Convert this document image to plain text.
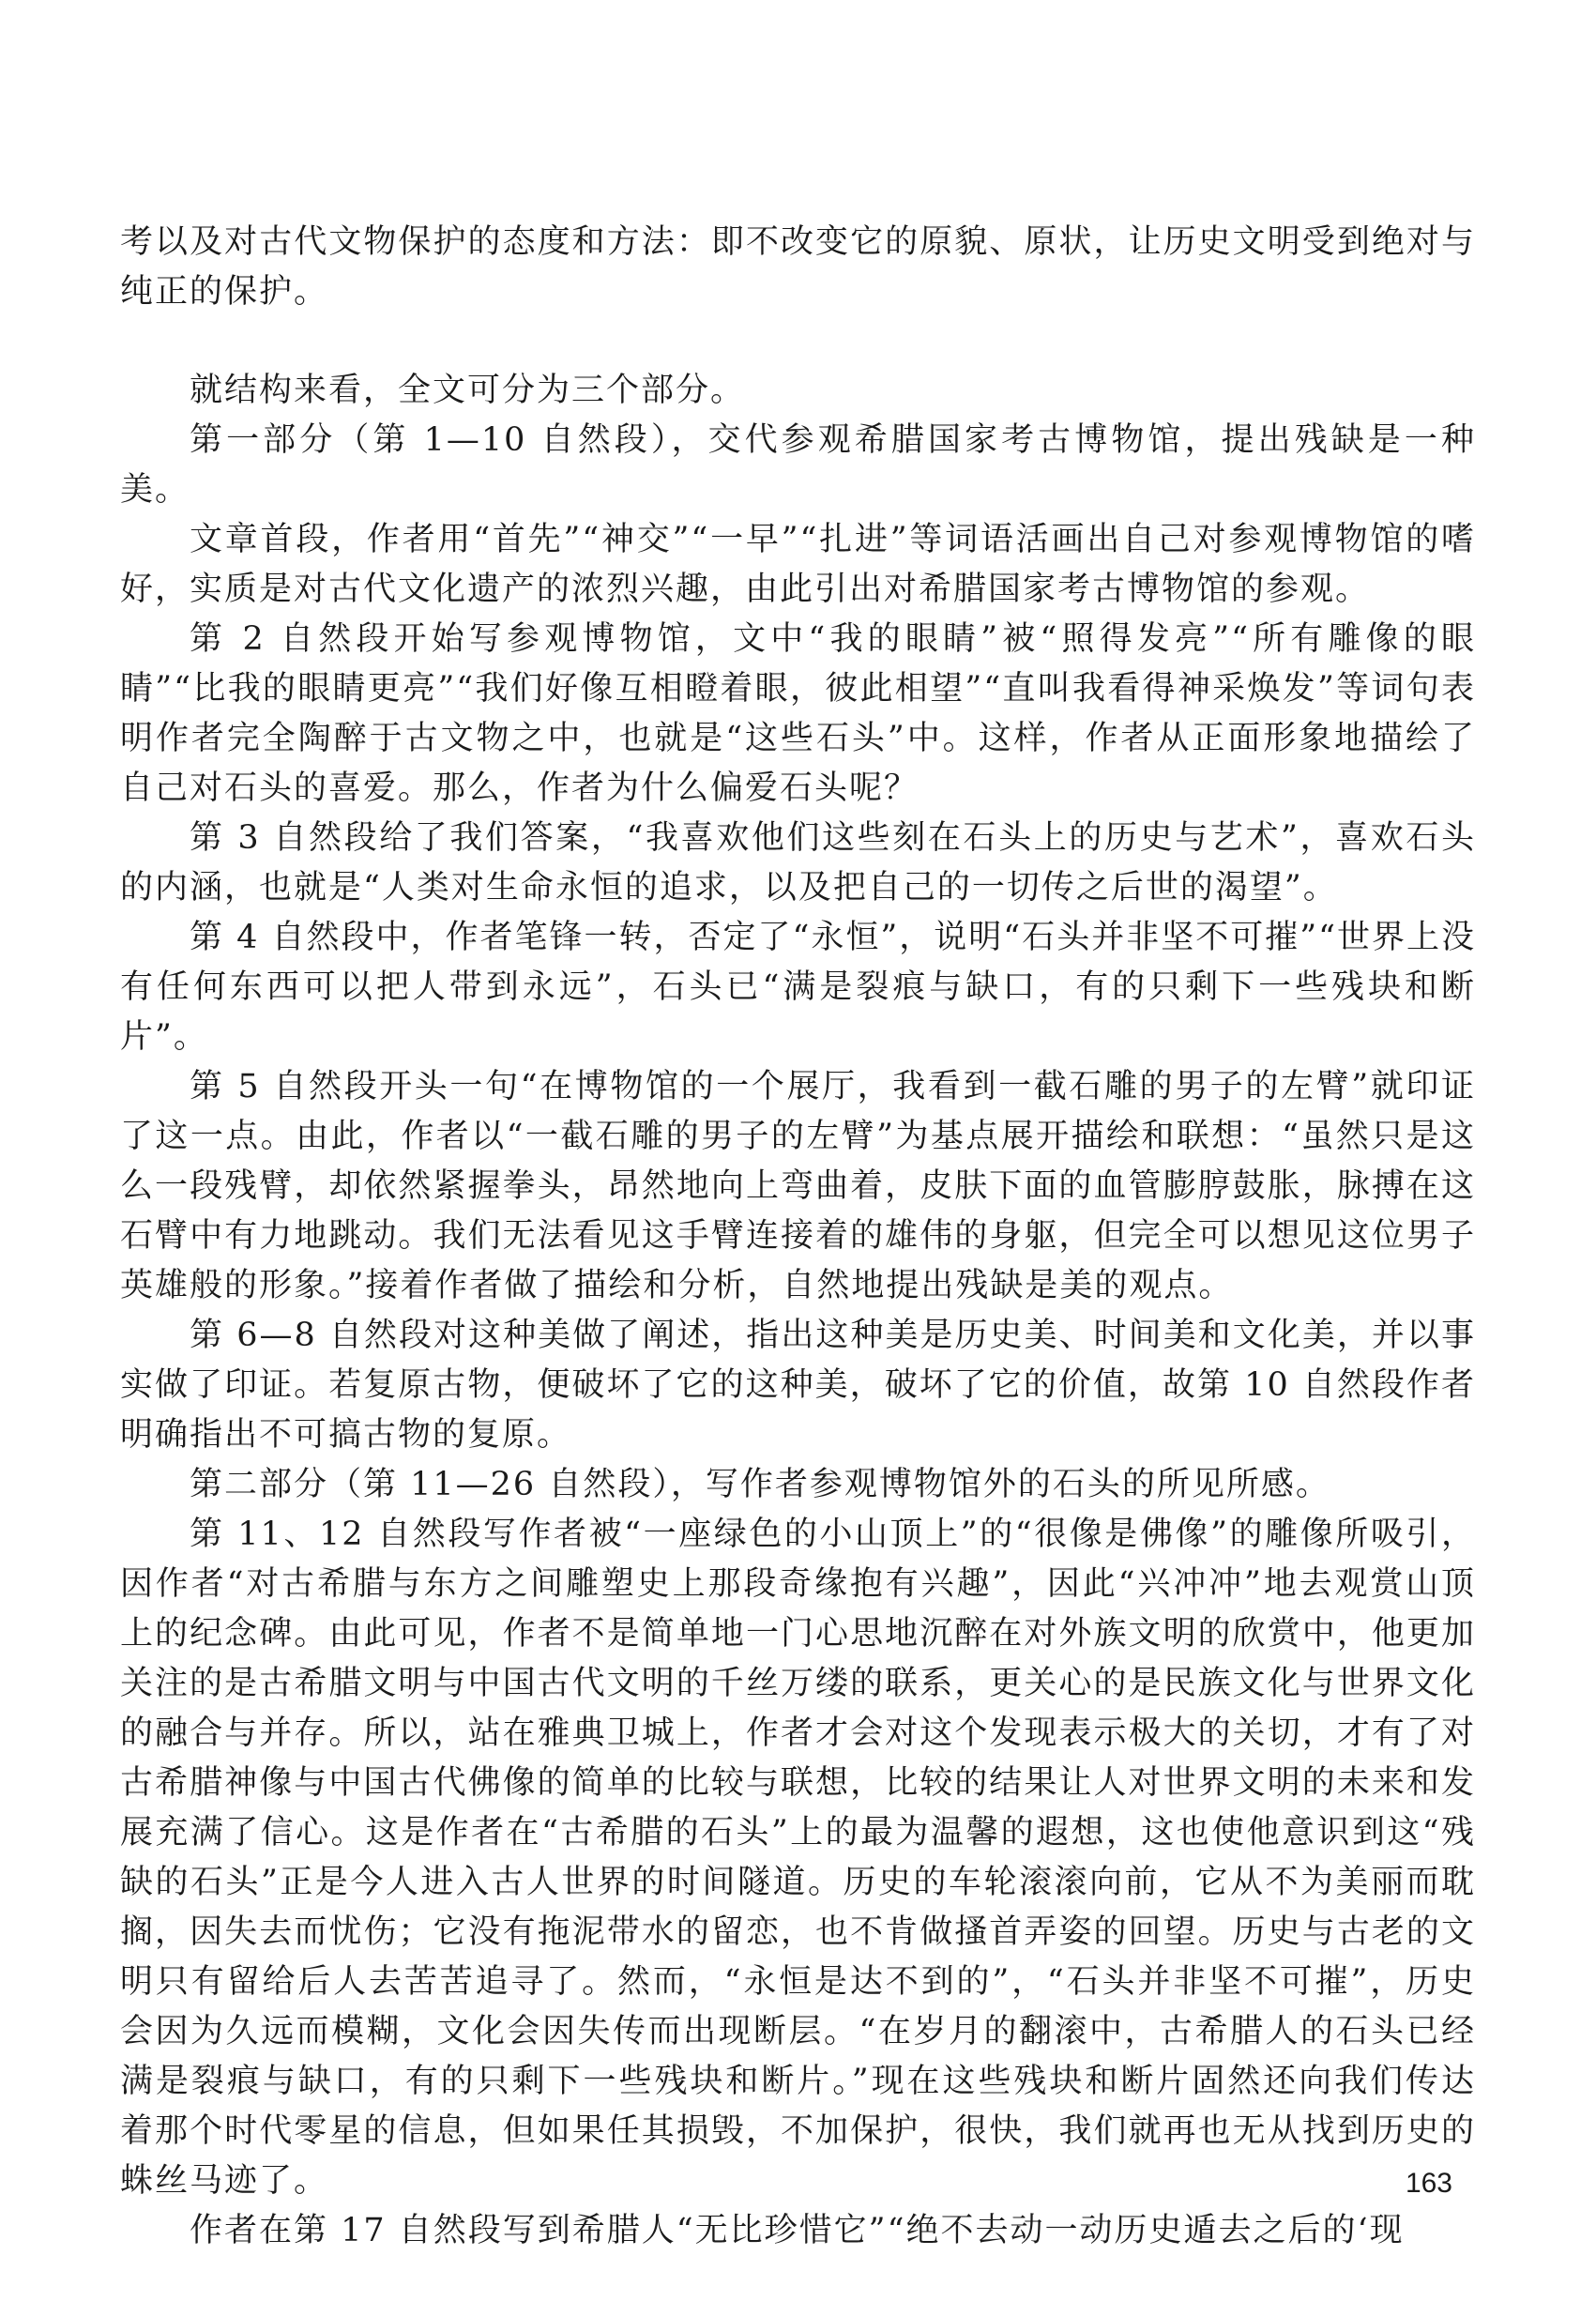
考以及对古代文物保护的态度和方法：即不改变它的原貌、原状，让历史文明受到绝对与纯正的保护。

就结构来看，全文可分为三个部分。

第一部分（第 1—10 自然段），交代参观希腊国家考古博物馆，提出残缺是一种美。

文章首段，作者用“首先”“神交”“一早”“扎进”等词语活画出自己对参观博物馆的嗜好，实质是对古代文化遗产的浓烈兴趣，由此引出对希腊国家考古博物馆的参观。

第 2 自然段开始写参观博物馆，文中“我的眼睛”被“照得发亮”“所有雕像的眼睛”“比我的眼睛更亮”“我们好像互相瞪着眼，彼此相望”“直叫我看得神采焕发”等词句表明作者完全陶醉于古文物之中，也就是“这些石头”中。这样，作者从正面形象地描绘了自己对石头的喜爱。那么，作者为什么偏爱石头呢？

第 3 自然段给了我们答案，“我喜欢他们这些刻在石头上的历史与艺术”，喜欢石头的内涵，也就是“人类对生命永恒的追求，以及把自己的一切传之后世的渴望”。

第 4 自然段中，作者笔锋一转，否定了“永恒”，说明“石头并非坚不可摧”“世界上没有任何东西可以把人带到永远”，石头已“满是裂痕与缺口，有的只剩下一些残块和断片”。

第 5 自然段开头一句“在博物馆的一个展厅，我看到一截石雕的男子的左臂”就印证了这一点。由此，作者以“一截石雕的男子的左臂”为基点展开描绘和联想：“虽然只是这么一段残臂，却依然紧握拳头，昂然地向上弯曲着，皮肤下面的血管膨脝鼓胀，脉搏在这石臂中有力地跳动。我们无法看见这手臂连接着的雄伟的身躯，但完全可以想见这位男子英雄般的形象。”接着作者做了描绘和分析，自然地提出残缺是美的观点。

第 6—8 自然段对这种美做了阐述，指出这种美是历史美、时间美和文化美，并以事实做了印证。若复原古物，便破坏了它的这种美，破坏了它的价值，故第 10 自然段作者明确指出不可搞古物的复原。

第二部分（第 11—26 自然段），写作者参观博物馆外的石头的所见所感。

第 11、12 自然段写作者被“一座绿色的小山顶上”的“很像是佛像”的雕像所吸引，因作者“对古希腊与东方之间雕塑史上那段奇缘抱有兴趣”，因此“兴冲冲”地去观赏山顶上的纪念碑。由此可见，作者不是简单地一门心思地沉醉在对外族文明的欣赏中，他更加关注的是古希腊文明与中国古代文明的千丝万缕的联系，更关心的是民族文化与世界文化的融合与并存。所以，站在雅典卫城上，作者才会对这个发现表示极大的关切，才有了对古希腊神像与中国古代佛像的简单的比较与联想，比较的结果让人对世界文明的未来和发展充满了信心。这是作者在“古希腊的石头”上的最为温馨的遐想，这也使他意识到这“残缺的石头”正是今人进入古人世界的时间隧道。历史的车轮滚滚向前，它从不为美丽而耽搁，因失去而忧伤；它没有拖泥带水的留恋，也不肯做搔首弄姿的回望。历史与古老的文明只有留给后人去苦苦追寻了。然而，“永恒是达不到的”，“石头并非坚不可摧”，历史会因为久远而模糊，文化会因失传而出现断层。“在岁月的翻滚中，古希腊人的石头已经满是裂痕与缺口，有的只剩下一些残块和断片。”现在这些残块和断片固然还向我们传达着那个时代零星的信息，但如果任其损毁，不加保护，很快，我们就再也无从找到历史的蛛丝马迹了。

作者在第 17 自然段写到希腊人“无比珍惜它”“绝不去动一动历史遁去之后的‘现

163
